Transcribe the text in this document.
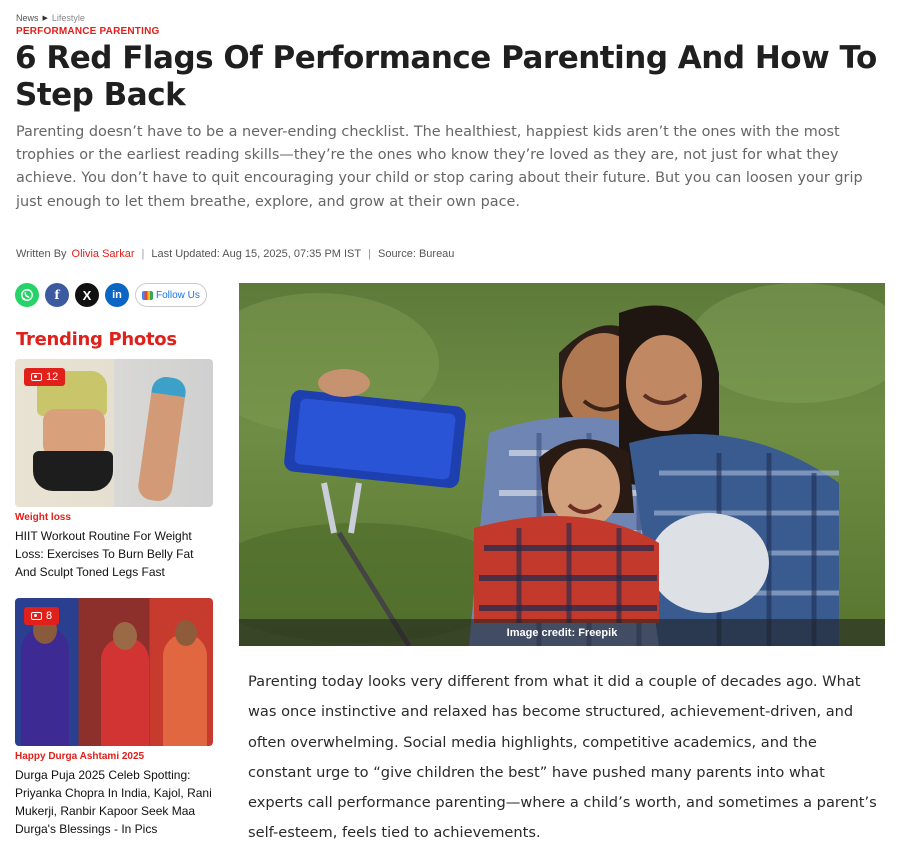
News ▶ Lifestyle
PERFORMANCE PARENTING
6 Red Flags Of Performance Parenting And How To Step Back

Parenting doesn’t have to be a never-ending checklist. The healthiest, happiest kids aren’t the ones with the most trophies or the earliest reading skills—they’re the ones who know they’re loved as they are, not just for what they achieve. You don’t have to quit encouraging your child or stop caring about their future. But you can loosen your grip just enough to let them breathe, explore, and grow at their own pace.

Written By Olivia Sarkar | Last Updated: Aug 15, 2025, 07:35 PM IST | Source: Bureau
f	X	in	Follow Us
Trending Photos
12
Weight loss
HIIT Workout Routine For Weight Loss: Exercises To Burn Belly Fat And Sculpt Toned Legs Fast
8
Happy Durga Ashtami 2025
Durga Puja 2025 Celeb Spotting: Priyanka Chopra In India, Kajol, Rani Mukerji, Ranbir Kapoor Seek Maa Durga's Blessings - In Pics
Image credit: Freepik

Parenting today looks very different from what it did a couple of decades ago. What was once instinctive and relaxed has become structured, achievement-driven, and often overwhelming. Social media highlights, competitive academics, and the constant urge to “give children the best” have pushed many parents into what experts call performance parenting—where a child’s worth, and sometimes a parent’s self-esteem, feels tied to achievements.
